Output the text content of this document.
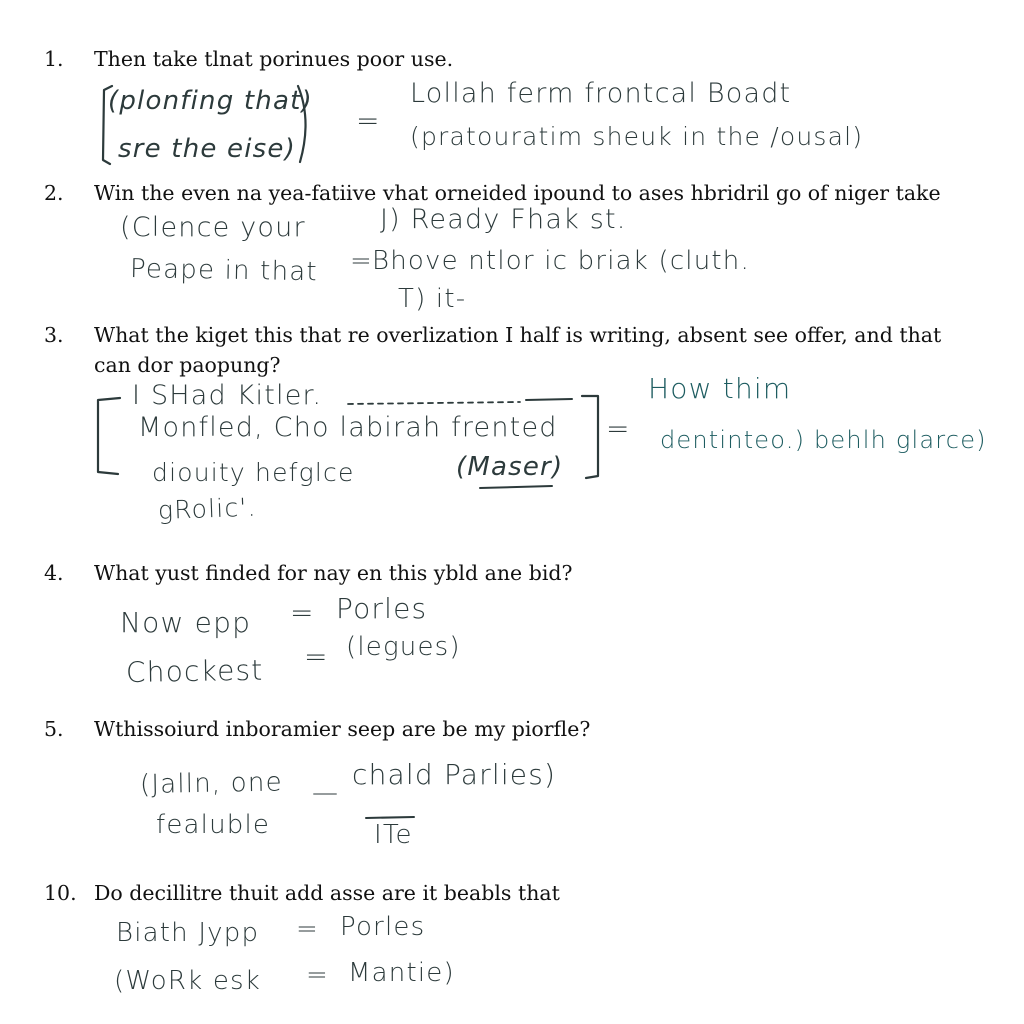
1.	Then take tlnat porinues poor use.
(plonfing that)
sre the eise)
=
Lollah ferm frontcal Boadt
(pratouratim sheuk in the /ousal)
2.	Win the even na yea-fatiive vhat orneided ipound to ases hbridril go of niger take
(Clence your	J) Ready Fhak st.
Peape in that = Bhove ntlor ic briak (cluth.
T) it-
3.	What the kiget this that re overlization I half is writing, absent see offer, and that can dor paopung?
I SHad Kitler.
Monfled, Cho labirah frented
diouity hefglce
gRolic'.
(Maser)
=
How thim
dentinteo.) behlh glarce)
4.	What yust finded for nay en this ybld ane bid?
Now epp = Porles
Chockest = (legues)
5.	Wthissoiurd inboramier seep are be my piorfle?
(Jalln, one
fealuble
—
chald Parlies)
ITe
10. Do decillitre thuit add asse are it beabls that
Biath Jypp = Porles
(WoRk esk = Mantie)
